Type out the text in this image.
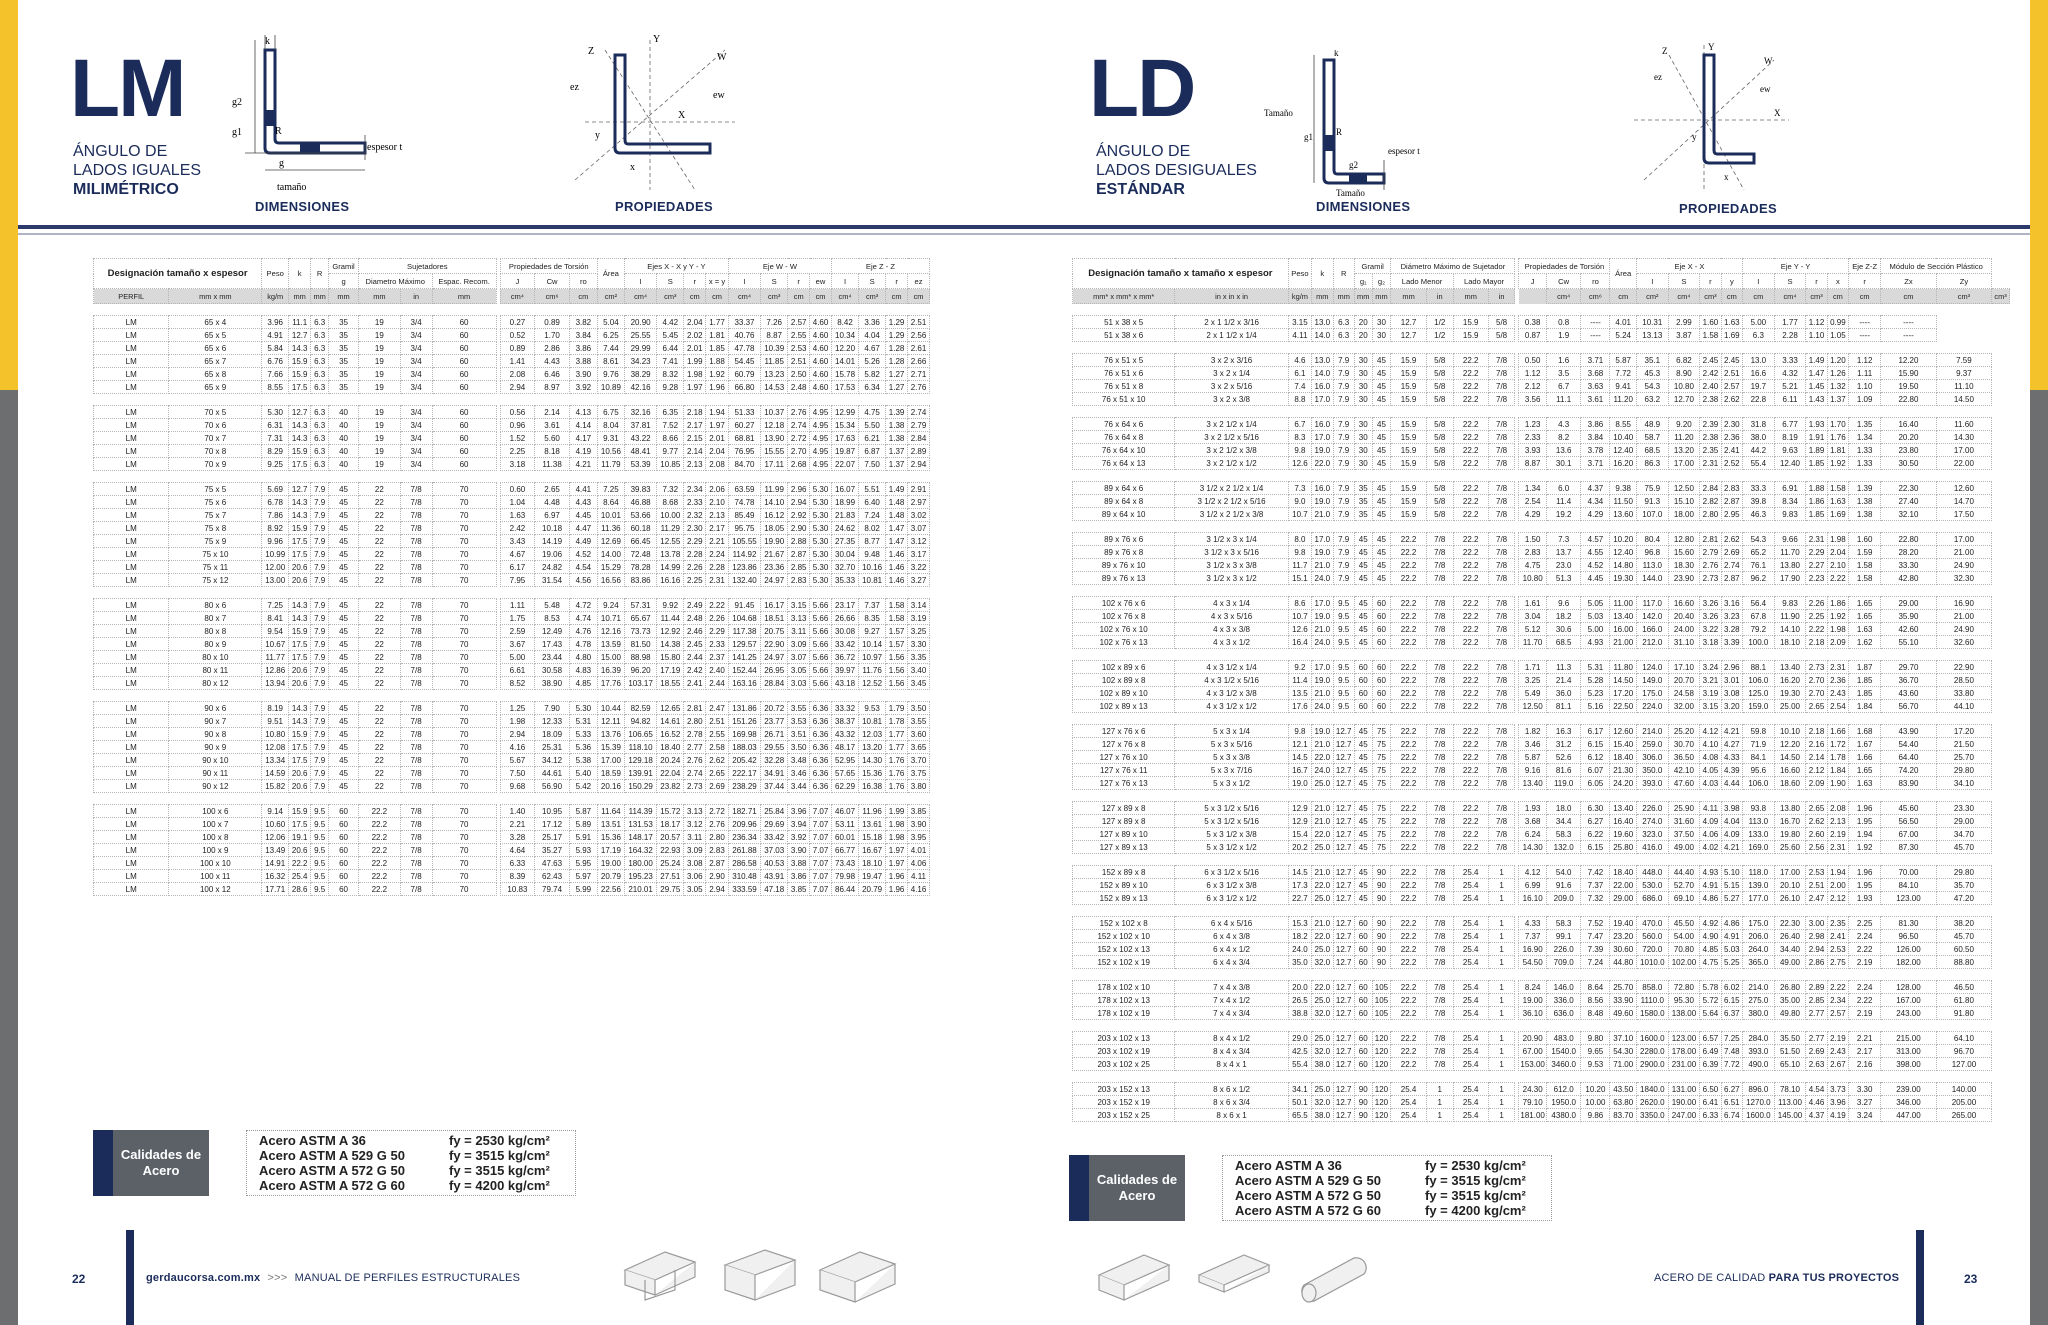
LM
ÁNGULO DE
LADOS IGUALES
MILIMÉTRICO
k
g2
g1	R
g
espesor t
tamaño
DIMENSIONES
Z
Y
W
ez
ew
X
x
y
PROPIEDADES
Designación tamaño x espesor		Peso	k	R	Gramil	Sujetadores				Propiedades de Torsión			Área	Ejes X - X y Y - Y				Eje W - W				Eje Z - Z			
					g	Diametro Máximo		Espac. Recom.		J	Cw	ro		I	S	r	x = y	I	S	r	ew	I	S	r	ez
PERFIL	mm x mm	kg/m	mm	mm	mm	mm	in	mm		cm⁴	cm⁶	cm	cm²	cm⁴	cm³	cm	cm	cm⁴	cm³	cm	cm	cm⁴	cm³	cm	cm

LM	65 x 4	3.96	11.1	6.3	35	19	3/4	60		0.27	0.89	3.82	5.04	20.90	4.42	2.04	1.77	33.37	7.26	2.57	4.60	8.42	3.36	1.29	2.51
LM	65 x 5	4.91	12.7	6.3	35	19	3/4	60		0.52	1.70	3.84	6.25	25.55	5.45	2.02	1.81	40.76	8.87	2.55	4.60	10.34	4.04	1.29	2.56
LM	65 x 6	5.84	14.3	6.3	35	19	3/4	60		0.89	2.86	3.86	7.44	29.99	6.44	2.01	1.85	47.78	10.39	2.53	4.60	12.20	4.67	1.28	2.61
LM	65 x 7	6.76	15.9	6.3	35	19	3/4	60		1.41	4.43	3.88	8.61	34.23	7.41	1.99	1.88	54.45	11.85	2.51	4.60	14.01	5.26	1.28	2.66
LM	65 x 8	7.66	15.9	6.3	35	19	3/4	60		2.08	6.46	3.90	9.76	38.29	8.32	1.98	1.92	60.79	13.23	2.50	4.60	15.78	5.82	1.27	2.71
LM	65 x 9	8.55	17.5	6.3	35	19	3/4	60		2.94	8.97	3.92	10.89	42.16	9.28	1.97	1.96	66.80	14.53	2.48	4.60	17.53	6.34	1.27	2.76

LM	70 x 5	5.30	12.7	6.3	40	19	3/4	60		0.56	2.14	4.13	6.75	32.16	6.35	2.18	1.94	51.33	10.37	2.76	4.95	12.99	4.75	1.39	2.74
LM	70 x 6	6.31	14.3	6.3	40	19	3/4	60		0.96	3.61	4.14	8.04	37.81	7.52	2.17	1.97	60.27	12.18	2.74	4.95	15.34	5.50	1.38	2.79
LM	70 x 7	7.31	14.3	6.3	40	19	3/4	60		1.52	5.60	4.17	9.31	43.22	8.66	2.15	2.01	68.81	13.90	2.72	4.95	17.63	6.21	1.38	2.84
LM	70 x 8	8.29	15.9	6.3	40	19	3/4	60		2.25	8.18	4.19	10.56	48.41	9.77	2.14	2.04	76.95	15.55	2.70	4.95	19.87	6.87	1.37	2.89
LM	70 x 9	9.25	17.5	6.3	40	19	3/4	60		3.18	11.38	4.21	11.79	53.39	10.85	2.13	2.08	84.70	17.11	2.68	4.95	22.07	7.50	1.37	2.94

LM	75 x 5	5.69	12.7	7.9	45	22	7/8	70		0.60	2.65	4.41	7.25	39.83	7.32	2.34	2.06	63.59	11.99	2.96	5.30	16.07	5.51	1.49	2.91
LM	75 x 6	6.78	14.3	7.9	45	22	7/8	70		1.04	4.48	4.43	8.64	46.88	8.68	2.33	2.10	74.78	14.10	2.94	5.30	18.99	6.40	1.48	2.97
LM	75 x 7	7.86	14.3	7.9	45	22	7/8	70		1.63	6.97	4.45	10.01	53.66	10.00	2.32	2.13	85.49	16.12	2.92	5.30	21.83	7.24	1.48	3.02
LM	75 x 8	8.92	15.9	7.9	45	22	7/8	70		2.42	10.18	4.47	11.36	60.18	11.29	2.30	2.17	95.75	18.05	2.90	5.30	24.62	8.02	1.47	3.07
LM	75 x 9	9.96	17.5	7.9	45	22	7/8	70		3.43	14.19	4.49	12.69	66.45	12.55	2.29	2.21	105.55	19.90	2.88	5.30	27.35	8.77	1.47	3.12
LM	75 x 10	10.99	17.5	7.9	45	22	7/8	70		4.67	19.06	4.52	14.00	72.48	13.78	2.28	2.24	114.92	21.67	2.87	5.30	30.04	9.48	1.46	3.17
LM	75 x 11	12.00	20.6	7.9	45	22	7/8	70		6.17	24.82	4.54	15.29	78.28	14.99	2.26	2.28	123.86	23.36	2.85	5.30	32.70	10.16	1.46	3.22
LM	75 x 12	13.00	20.6	7.9	45	22	7/8	70		7.95	31.54	4.56	16.56	83.86	16.16	2.25	2.31	132.40	24.97	2.83	5.30	35.33	10.81	1.46	3.27

LM	80 x 6	7.25	14.3	7.9	45	22	7/8	70		1.11	5.48	4.72	9.24	57.31	9.92	2.49	2.22	91.45	16.17	3.15	5.66	23.17	7.37	1.58	3.14
LM	80 x 7	8.41	14.3	7.9	45	22	7/8	70		1.75	8.53	4.74	10.71	65.67	11.44	2.48	2.26	104.68	18.51	3.13	5.66	26.66	8.35	1.58	3.19
LM	80 x 8	9.54	15.9	7.9	45	22	7/8	70		2.59	12.49	4.76	12.16	73.73	12.92	2.46	2.29	117.38	20.75	3.11	5.66	30.08	9.27	1.57	3.25
LM	80 x 9	10.67	17.5	7.9	45	22	7/8	70		3.67	17.43	4.78	13.59	81.50	14.38	2.45	2.33	129.57	22.90	3.09	5.66	33.42	10.14	1.57	3.30
LM	80 x 10	11.77	17.5	7.9	45	22	7/8	70		5.00	23.44	4.80	15.00	88.98	15.80	2.44	2.37	141.25	24.97	3.07	5.66	36.72	10.97	1.56	3.35
LM	80 x 11	12.86	20.6	7.9	45	22	7/8	70		6.61	30.58	4.83	16.39	96.20	17.19	2.42	2.40	152.44	26.95	3.05	5.66	39.97	11.76	1.56	3.40
LM	80 x 12	13.94	20.6	7.9	45	22	7/8	70		8.52	38.90	4.85	17.76	103.17	18.55	2.41	2.44	163.16	28.84	3.03	5.66	43.18	12.52	1.56	3.45

LM	90 x 6	8.19	14.3	7.9	45	22	7/8	70		1.25	7.90	5.30	10.44	82.59	12.65	2.81	2.47	131.86	20.72	3.55	6.36	33.32	9.53	1.79	3.50
LM	90 x 7	9.51	14.3	7.9	45	22	7/8	70		1.98	12.33	5.31	12.11	94.82	14.61	2.80	2.51	151.26	23.77	3.53	6.36	38.37	10.81	1.78	3.55
LM	90 x 8	10.80	15.9	7.9	45	22	7/8	70		2.94	18.09	5.33	13.76	106.65	16.52	2.78	2.55	169.98	26.71	3.51	6.36	43.32	12.03	1.77	3.60
LM	90 x 9	12.08	17.5	7.9	45	22	7/8	70		4.16	25.31	5.36	15.39	118.10	18.40	2.77	2.58	188.03	29.55	3.50	6.36	48.17	13.20	1.77	3.65
LM	90 x 10	13.34	17.5	7.9	45	22	7/8	70		5.67	34.12	5.38	17.00	129.18	20.24	2.76	2.62	205.42	32.28	3.48	6.36	52.95	14.30	1.76	3.70
LM	90 x 11	14.59	20.6	7.9	45	22	7/8	70		7.50	44.61	5.40	18.59	139.91	22.04	2.74	2.65	222.17	34.91	3.46	6.36	57.65	15.36	1.76	3.75
LM	90 x 12	15.82	20.6	7.9	45	22	7/8	70		9.68	56.90	5.42	20.16	150.29	23.82	2.73	2.69	238.29	37.44	3.44	6.36	62.29	16.38	1.76	3.80

LM	100 x 6	9.14	15.9	9.5	60	22.2	7/8	70		1.40	10.95	5.87	11.64	114.39	15.72	3.13	2.72	182.71	25.84	3.96	7.07	46.07	11.96	1.99	3.85
LM	100 x 7	10.60	17.5	9.5	60	22.2	7/8	70		2.21	17.12	5.89	13.51	131.53	18.17	3.12	2.76	209.96	29.69	3.94	7.07	53.11	13.61	1.98	3.90
LM	100 x 8	12.06	19.1	9.5	60	22.2	7/8	70		3.28	25.17	5.91	15.36	148.17	20.57	3.11	2.80	236.34	33.42	3.92	7.07	60.01	15.18	1.98	3.95
LM	100 x 9	13.49	20.6	9.5	60	22.2	7/8	70		4.64	35.27	5.93	17.19	164.32	22.93	3.09	2.83	261.88	37.03	3.90	7.07	66.77	16.67	1.97	4.01
LM	100 x 10	14.91	22.2	9.5	60	22.2	7/8	70		6.33	47.63	5.95	19.00	180.00	25.24	3.08	2.87	286.58	40.53	3.88	7.07	73.43	18.10	1.97	4.06
LM	100 x 11	16.32	25.4	9.5	60	22.2	7/8	70		8.39	62.43	5.97	20.79	195.23	27.51	3.06	2.90	310.48	43.91	3.86	7.07	79.98	19.47	1.96	4.11
LM	100 x 12	17.71	28.6	9.5	60	22.2	7/8	70		10.83	79.74	5.99	22.56	210.01	29.75	3.05	2.94	333.59	47.18	3.85	7.07	86.44	20.79	1.96	4.16
Calidades de Acero
Acero ASTM A 36	fy = 2530 kg/cm²
Acero ASTM A 529 G 50	fy = 3515 kg/cm²
Acero ASTM A 572 G 50	fy = 3515 kg/cm²
Acero ASTM A 572 G 60	fy = 4200 kg/cm²
22	gerdaucorsa.com.mx >>> MANUAL DE PERFILES ESTRUCTURALES
LD
ÁNGULO DE
LADOS DESIGUALES
ESTÁNDAR
k
Tamaño
g1	R
g2
espesor t
Tamaño
DIMENSIONES
Z	Y
W
ez
ew
X
x
y
PROPIEDADES
Designación tamaño x tamaño x espesor		Peso	k	R	Gramil		Diámetro Máximo de Sujetador					Propiedades de Torsión			Área	Eje X - X				Eje Y - Y				Eje Z-Z	Módulo de Sección Plástico		
					g₁	g₂	Lado Menor		Lado Mayor			J	Cw	ro		I	S	r	y	I	S	r	x	r	Zx	Zy	
mm* x mm* x mm*	in x in x in	kg/m	mm	mm	mm	mm	mm	in	mm	in			cm⁴	cm⁶	cm	cm²	cm⁴	cm³	cm	cm	cm⁴	cm³	cm	cm	cm	cm³	cm³

51 x 38 x 5	2 x 1 1/2 x 3/16	3.15	13.0	6.3	20	30	12.7	1/2	15.9	5/8		0.38	0.8	----	4.01	10.31	2.99	1.60	1.63	5.00	1.77	1.12	0.99	----	----		
51 x 38 x 6	2 x 1 1/2 x 1/4	4.11	14.0	6.3	20	30	12.7	1/2	15.9	5/8		0.87	1.9	----	5.24	13.13	3.87	1.58	1.69	6.3	2.28	1.10	1.05	----	----		

76 x 51 x 5	3 x 2 x 3/16	4.6	13.0	7.9	30	45	15.9	5/8	22.2	7/8		0.50	1.6	3.71	5.87	35.1	6.82	2.45	2.45	13.0	3.33	1.49	1.20	1.12	12.20	7.59	
76 x 51 x 6	3 x 2 x 1/4	6.1	14.0	7.9	30	45	15.9	5/8	22.2	7/8		1.12	3.5	3.68	7.72	45.3	8.90	2.42	2.51	16.6	4.32	1.47	1.26	1.11	15.90	9.37	
76 x 51 x 8	3 x 2 x 5/16	7.4	16.0	7.9	30	45	15.9	5/8	22.2	7/8		2.12	6.7	3.63	9.41	54.3	10.80	2.40	2.57	19.7	5.21	1.45	1.32	1.10	19.50	11.10	
76 x 51 x 10	3 x 2 x 3/8	8.8	17.0	7.9	30	45	15.9	5/8	22.2	7/8		3.56	11.1	3.61	11.20	63.2	12.70	2.38	2.62	22.8	6.11	1.43	1.37	1.09	22.80	14.50	

76 x 64 x 6	3 x 2 1/2 x 1/4	6.7	16.0	7.9	30	45	15.9	5/8	22.2	7/8		1.23	4.3	3.86	8.55	48.9	9.20	2.39	2.30	31.8	6.77	1.93	1.70	1.35	16.40	11.60	
76 x 64 x 8	3 x 2 1/2 x 5/16	8.3	17.0	7.9	30	45	15.9	5/8	22.2	7/8		2.33	8.2	3.84	10.40	58.7	11.20	2.38	2.36	38.0	8.19	1.91	1.76	1.34	20.20	14.30	
76 x 64 x 10	3 x 2 1/2 x 3/8	9.8	19.0	7.9	30	45	15.9	5/8	22.2	7/8		3.93	13.6	3.78	12.40	68.5	13.20	2.35	2.41	44.2	9.63	1.89	1.81	1.33	23.80	17.00	
76 x 64 x 13	3 x 2 1/2 x 1/2	12.6	22.0	7.9	30	45	15.9	5/8	22.2	7/8		8.87	30.1	3.71	16.20	86.3	17.00	2.31	2.52	55.4	12.40	1.85	1.92	1.33	30.50	22.00	

89 x 64 x 6	3 1/2 x 2 1/2 x 1/4	7.3	16.0	7.9	35	45	15.9	5/8	22.2	7/8		1.34	6.0	4.37	9.38	75.9	12.50	2.84	2.83	33.3	6.91	1.88	1.58	1.39	22.30	12.60	
89 x 64 x 8	3 1/2 x 2 1/2 x 5/16	9.0	19.0	7.9	35	45	15.9	5/8	22.2	7/8		2.54	11.4	4.34	11.50	91.3	15.10	2.82	2.87	39.8	8.34	1.86	1.63	1.38	27.40	14.70	
89 x 64 x 10	3 1/2 x 2 1/2 x 3/8	10.7	21.0	7.9	35	45	15.9	5/8	22.2	7/8		4.29	19.2	4.29	13.60	107.0	18.00	2.80	2.95	46.3	9.83	1.85	1.69	1.38	32.10	17.50	

89 x 76 x 6	3 1/2 x 3 x 1/4	8.0	17.0	7.9	45	45	22.2	7/8	22.2	7/8		1.50	7.3	4.57	10.20	80.4	12.80	2.81	2.62	54.3	9.66	2.31	1.98	1.60	22.80	17.00	
89 x 76 x 8	3 1/2 x 3 x 5/16	9.8	19.0	7.9	45	45	22.2	7/8	22.2	7/8		2.83	13.7	4.55	12.40	96.8	15.60	2.79	2.69	65.2	11.70	2.29	2.04	1.59	28.20	21.00	
89 x 76 x 10	3 1/2 x 3 x 3/8	11.7	21.0	7.9	45	45	22.2	7/8	22.2	7/8		4.75	23.0	4.52	14.80	113.0	18.30	2.76	2.74	76.1	13.80	2.27	2.10	1.58	33.30	24.90	
89 x 76 x 13	3 1/2 x 3 x 1/2	15.1	24.0	7.9	45	45	22.2	7/8	22.2	7/8		10.80	51.3	4.45	19.30	144.0	23.90	2.73	2.87	96.2	17.90	2.23	2.22	1.58	42.80	32.30	

102 x 76 x 6	4 x 3 x 1/4	8.6	17.0	9.5	45	60	22.2	7/8	22.2	7/8		1.61	9.6	5.05	11.00	117.0	16.60	3.26	3.16	56.4	9.83	2.26	1.86	1.65	29.00	16.90	
102 x 76 x 8	4 x 3 x 5/16	10.7	19.0	9.5	45	60	22.2	7/8	22.2	7/8		3.04	18.2	5.03	13.40	142.0	20.40	3.26	3.23	67.8	11.90	2.25	1.92	1.65	35.90	21.00	
102 x 76 x 10	4 x 3 x 3/8	12.6	21.0	9.5	45	60	22.2	7/8	22.2	7/8		5.12	30.6	5.00	16.00	166.0	24.00	3.22	3.28	79.2	14.10	2.22	1.98	1.63	42.60	24.90	
102 x 76 x 13	4 x 3 x 1/2	16.4	24.0	9.5	45	60	22.2	7/8	22.2	7/8		11.70	68.5	4.93	21.00	212.0	31.10	3.18	3.39	100.0	18.10	2.18	2.09	1.62	55.10	32.60	

102 x 89 x 6	4 x 3 1/2 x 1/4	9.2	17.0	9.5	60	60	22.2	7/8	22.2	7/8		1.71	11.3	5.31	11.80	124.0	17.10	3.24	2.96	88.1	13.40	2.73	2.31	1.87	29.70	22.90	
102 x 89 x 8	4 x 3 1/2 x 5/16	11.4	19.0	9.5	60	60	22.2	7/8	22.2	7/8		3.25	21.4	5.28	14.50	149.0	20.70	3.21	3.01	106.0	16.20	2.70	2.36	1.85	36.70	28.50	
102 x 89 x 10	4 x 3 1/2 x 3/8	13.5	21.0	9.5	60	60	22.2	7/8	22.2	7/8		5.49	36.0	5.23	17.20	175.0	24.58	3.19	3.08	125.0	19.30	2.70	2.43	1.85	43.60	33.80	
102 x 89 x 13	4 x 3 1/2 x 1/2	17.6	24.0	9.5	60	60	22.2	7/8	22.2	7/8		12.50	81.1	5.16	22.50	224.0	32.00	3.15	3.20	159.0	25.00	2.65	2.54	1.84	56.70	44.10	

127 x 76 x 6	5 x 3 x 1/4	9.8	19.0	12.7	45	75	22.2	7/8	22.2	7/8		1.82	16.3	6.17	12.60	214.0	25.20	4.12	4.21	59.8	10.10	2.18	1.66	1.68	43.90	17.20	
127 x 76 x 8	5 x 3 x 5/16	12.1	21.0	12.7	45	75	22.2	7/8	22.2	7/8		3.46	31.2	6.15	15.40	259.0	30.70	4.10	4.27	71.9	12.20	2.16	1.72	1.67	54.40	21.50	
127 x 76 x 10	5 x 3 x 3/8	14.5	22.0	12.7	45	75	22.2	7/8	22.2	7/8		5.87	52.6	6.12	18.40	306.0	36.50	4.08	4.33	84.1	14.50	2.14	1.78	1.66	64.40	25.70	
127 x 76 x 11	5 x 3 x 7/16	16.7	24.0	12.7	45	75	22.2	7/8	22.2	7/8		9.16	81.6	6.07	21.30	350.0	42.10	4.05	4.39	95.6	16.60	2.12	1.84	1.65	74.20	29.80	
127 x 76 x 13	5 x 3 x 1/2	19.0	25.0	12.7	45	75	22.2	7/8	22.2	7/8		13.40	119.0	6.05	24.20	393.0	47.60	4.03	4.44	106.0	18.60	2.09	1.90	1.63	83.90	34.10	

127 x 89 x 8	5 x 3 1/2 x 5/16	12.9	21.0	12.7	45	75	22.2	7/8	22.2	7/8		1.93	18.0	6.30	13.40	226.0	25.90	4.11	3.98	93.8	13.80	2.65	2.08	1.96	45.60	23.30	
127 x 89 x 8	5 x 3 1/2 x 5/16	12.9	21.0	12.7	45	75	22.2	7/8	22.2	7/8		3.68	34.4	6.27	16.40	274.0	31.60	4.09	4.04	113.0	16.70	2.62	2.13	1.95	56.50	29.00	
127 x 89 x 10	5 x 3 1/2 x 3/8	15.4	22.0	12.7	45	75	22.2	7/8	22.2	7/8		6.24	58.3	6.22	19.60	323.0	37.50	4.06	4.09	133.0	19.80	2.60	2.19	1.94	67.00	34.70	
127 x 89 x 13	5 x 3 1/2 x 1/2	20.2	25.0	12.7	45	75	22.2	7/8	22.2	7/8		14.30	132.0	6.15	25.80	416.0	49.00	4.02	4.21	169.0	25.60	2.56	2.31	1.92	87.30	45.70	

152 x 89 x 8	6 x 3 1/2 x 5/16	14.5	21.0	12.7	45	90	22.2	7/8	25.4	1		4.12	54.0	7.42	18.40	448.0	44.40	4.93	5.10	118.0	17.00	2.53	1.94	1.96	70.00	29.80	
152 x 89 x 10	6 x 3 1/2 x 3/8	17.3	22.0	12.7	45	90	22.2	7/8	25.4	1		6.99	91.6	7.37	22.00	530.0	52.70	4.91	5.15	139.0	20.10	2.51	2.00	1.95	84.10	35.70	
152 x 89 x 13	6 x 3 1/2 x 1/2	22.7	25.0	12.7	45	90	22.2	7/8	25.4	1		16.10	209.0	7.32	29.00	686.0	69.10	4.86	5.27	177.0	26.10	2.47	2.12	1.93	123.00	47.20	

152 x 102 x 8	6 x 4 x 5/16	15.3	21.0	12.7	60	90	22.2	7/8	25.4	1		4.33	58.3	7.52	19.40	470.0	45.50	4.92	4.86	175.0	22.30	3.00	2.35	2.25	81.30	38.20	
152 x 102 x 10	6 x 4 x 3/8	18.2	22.0	12.7	60	90	22.2	7/8	25.4	1		7.37	99.1	7.47	23.20	560.0	54.00	4.90	4.91	206.0	26.40	2.98	2.41	2.24	96.50	45.70	
152 x 102 x 13	6 x 4 x 1/2	24.0	25.0	12.7	60	90	22.2	7/8	25.4	1		16.90	226.0	7.39	30.60	720.0	70.80	4.85	5.03	264.0	34.40	2.94	2.53	2.22	126.00	60.50	
152 x 102 x 19	6 x 4 x 3/4	35.0	32.0	12.7	60	90	22.2	7/8	25.4	1		54.50	709.0	7.24	44.80	1010.0	102.00	4.75	5.25	365.0	49.00	2.86	2.75	2.19	182.00	88.80	

178 x 102 x 10	7 x 4 x 3/8	20.0	22.0	12.7	60	105	22.2	7/8	25.4	1		8.24	146.0	8.64	25.70	858.0	72.80	5.78	6.02	214.0	26.80	2.89	2.22	2.24	128.00	46.50	
178 x 102 x 13	7 x 4 x 1/2	26.5	25.0	12.7	60	105	22.2	7/8	25.4	1		19.00	336.0	8.56	33.90	1110.0	95.30	5.72	6.15	275.0	35.00	2.85	2.34	2.22	167.00	61.80	
178 x 102 x 19	7 x 4 x 3/4	38.8	32.0	12.7	60	105	22.2	7/8	25.4	1		36.10	636.0	8.48	49.60	1580.0	138.00	5.64	6.37	380.0	49.80	2.77	2.57	2.19	243.00	91.80	

203 x 102 x 13	8 x 4 x 1/2	29.0	25.0	12.7	60	120	22.2	7/8	25.4	1		20.90	483.0	9.80	37.10	1600.0	123.00	6.57	7.25	284.0	35.50	2.77	2.19	2.21	215.00	64.10	
203 x 102 x 19	8 x 4 x 3/4	42.5	32.0	12.7	60	120	22.2	7/8	25.4	1		67.00	1540.0	9.65	54.30	2280.0	178.00	6.49	7.48	393.0	51.50	2.69	2.43	2.17	313.00	96.70	
203 x 102 x 25	8 x 4 x 1	55.4	38.0	12.7	60	120	22.2	7/8	25.4	1		153.00	3460.0	9.53	71.00	2900.0	231.00	6.39	7.72	490.0	65.10	2.63	2.67	2.16	398.00	127.00	

203 x 152 x 13	8 x 6 x 1/2	34.1	25.0	12.7	90	120	25.4	1	25.4	1		24.30	612.0	10.20	43.50	1840.0	131.00	6.50	6.27	896.0	78.10	4.54	3.73	3.30	239.00	140.00	
203 x 152 x 19	8 x 6 x 3/4	50.1	32.0	12.7	90	120	25.4	1	25.4	1		79.10	1950.0	10.00	63.80	2620.0	190.00	6.41	6.51	1270.0	113.00	4.46	3.96	3.27	346.00	205.00	
203 x 152 x 25	8 x 6 x 1	65.5	38.0	12.7	90	120	25.4	1	25.4	1		181.00	4380.0	9.86	83.70	3350.0	247.00	6.33	6.74	1600.0	145.00	4.37	4.19	3.24	447.00	265.00	
Calidades de Acero
Acero ASTM A 36	fy = 2530 kg/cm²
Acero ASTM A 529 G 50	fy = 3515 kg/cm²
Acero ASTM A 572 G 50	fy = 3515 kg/cm²
Acero ASTM A 572 G 60	fy = 4200 kg/cm²
ACERO DE CALIDAD PARA TUS PROYECTOS	23
